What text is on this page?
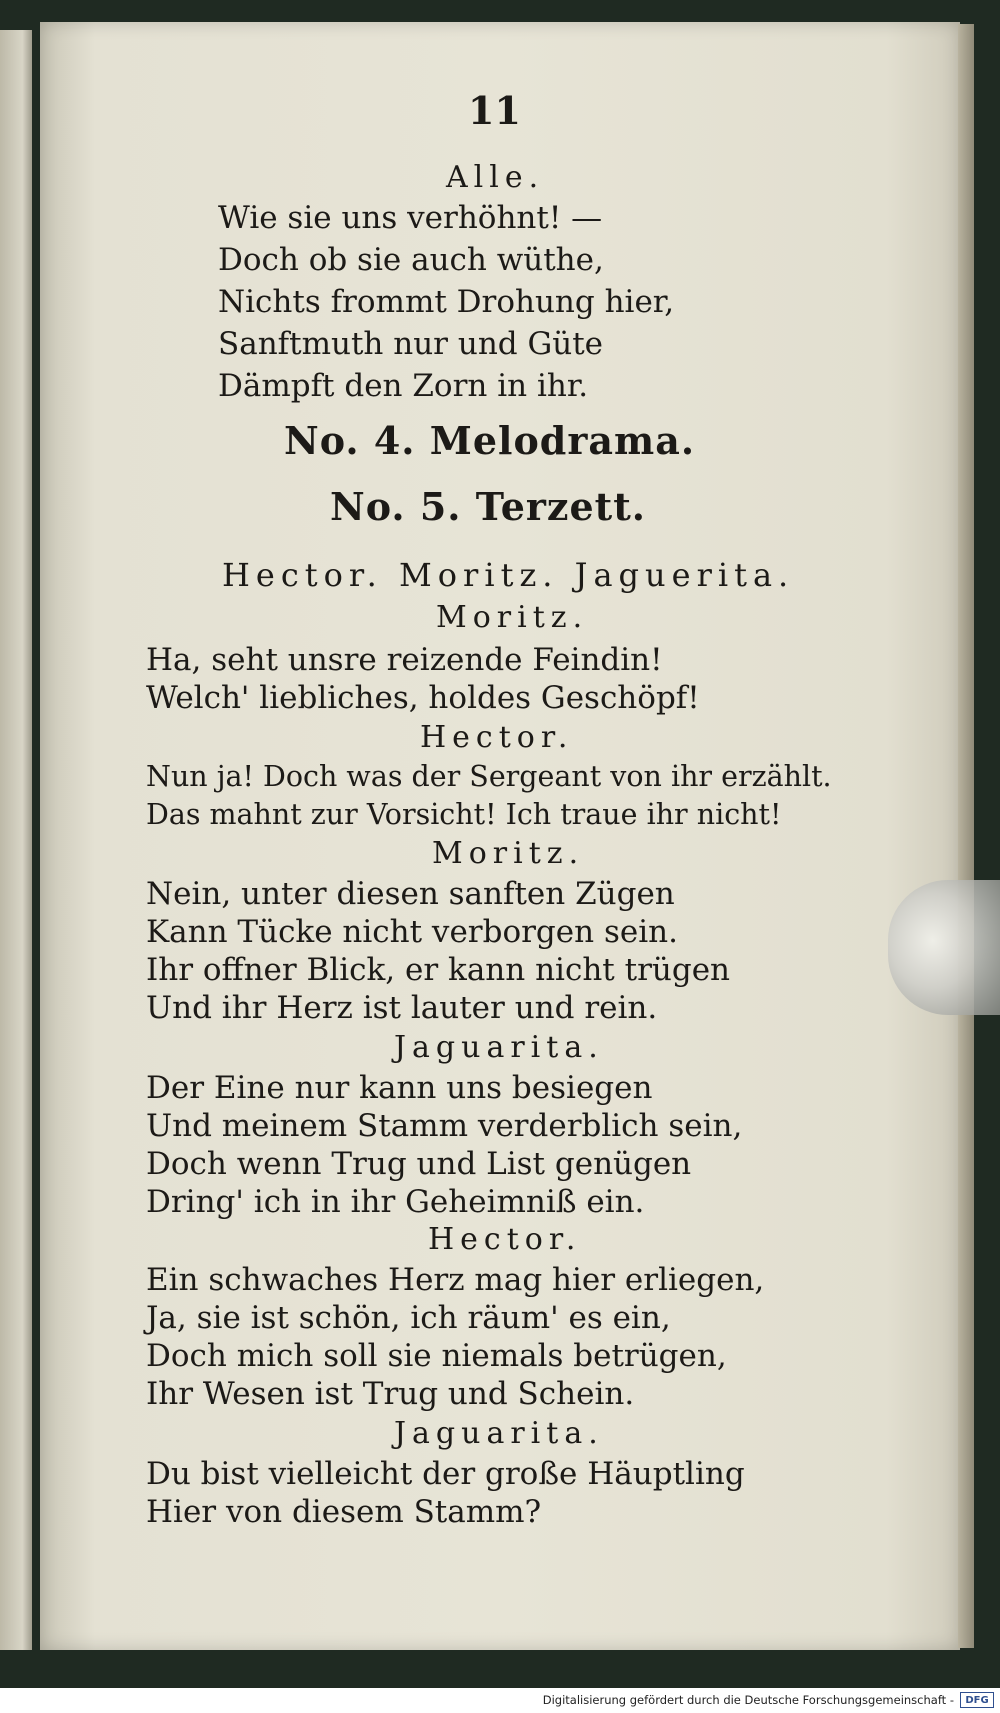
11
Alle.
Wie sie uns verhöhnt! —
Doch ob sie auch wüthe,
Nichts frommt Drohung hier,
Sanftmuth nur und Güte
Dämpft den Zorn in ihr.
No. 4. Melodrama.
No. 5. Terzett.
Hector. Moritz. Jaguerita.
Moritz.
Ha, seht unsre reizende Feindin!
Welch' liebliches, holdes Geschöpf!
Hector.
Nun ja! Doch was der Sergeant von ihr erzählt.
Das mahnt zur Vorsicht! Ich traue ihr nicht!
Moritz.
Nein, unter diesen sanften Zügen
Kann Tücke nicht verborgen sein.
Ihr offner Blick, er kann nicht trügen
Und ihr Herz ist lauter und rein.
Jaguarita.
Der Eine nur kann uns besiegen
Und meinem Stamm verderblich sein,
Doch wenn Trug und List genügen
Dring' ich in ihr Geheimniß ein.
Hector.
Ein schwaches Herz mag hier erliegen,
Ja, sie ist schön, ich räum' es ein,
Doch mich soll sie niemals betrügen,
Ihr Wesen ist Trug und Schein.
Jaguarita.
Du bist vielleicht der große Häuptling
Hier von diesem Stamm?
Digitalisierung gefördert durch die Deutsche Forschungsgemeinschaft -	DFG
